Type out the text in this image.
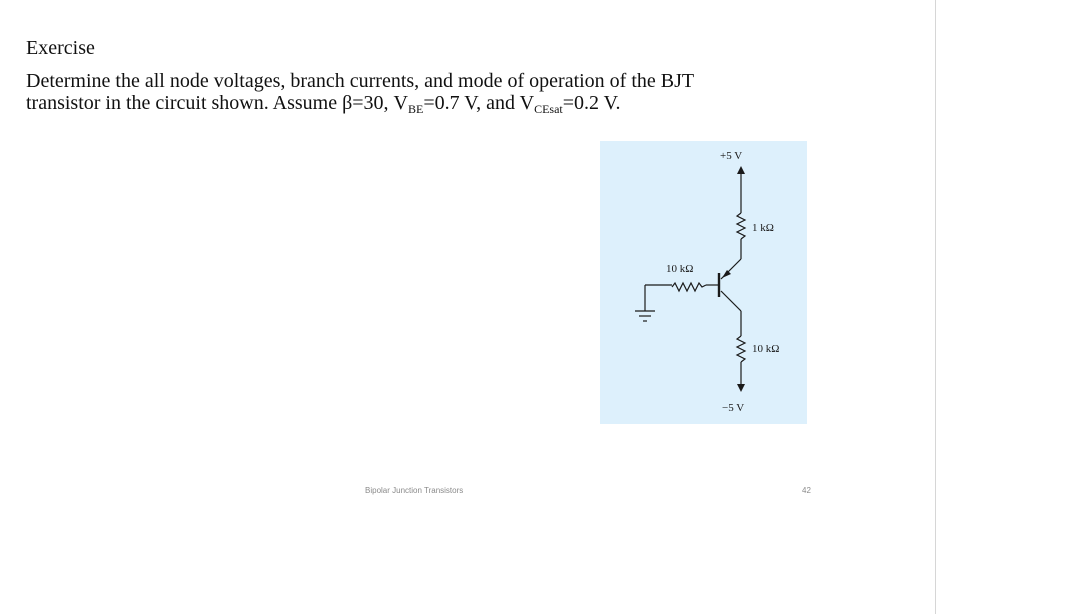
Exercise
Determine the all node voltages, branch currents, and mode of operation of the BJT
transistor in the circuit shown. Assume β=30, $V_{BE}=0.7$ V, and $V_{CEsat}=0.2$ V.
+5 V
1 kΩ
10 kΩ
10 kΩ
−5 V
Bipolar Junction Transistors	42
